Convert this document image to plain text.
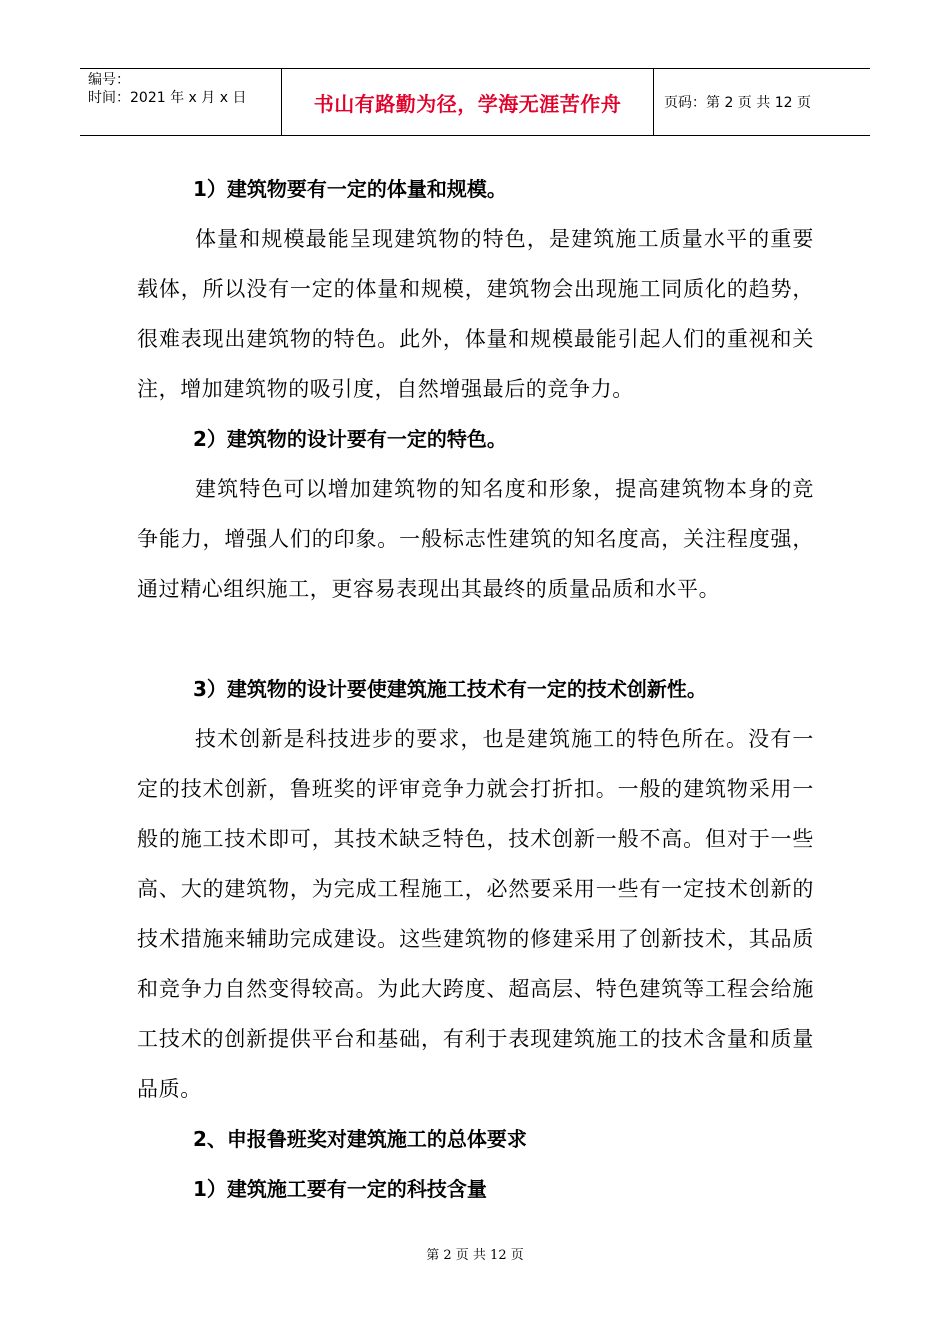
编号：
时间：2021 年 x 月 x 日	书山有路勤为径，学海无涯苦作舟	页码：第 2 页 共 12 页

1）建筑物要有一定的体量和规模。

体量和规模最能呈现建筑物的特色，是建筑施工质量水平的重要载体，所以没有一定的体量和规模，建筑物会出现施工同质化的趋势，很难表现出建筑物的特色。此外，体量和规模最能引起人们的重视和关注，增加建筑物的吸引度，自然增强最后的竞争力。

2）建筑物的设计要有一定的特色。

建筑特色可以增加建筑物的知名度和形象，提高建筑物本身的竞争能力，增强人们的印象。一般标志性建筑的知名度高，关注程度强，通过精心组织施工，更容易表现出其最终的质量品质和水平。

3）建筑物的设计要使建筑施工技术有一定的技术创新性。

技术创新是科技进步的要求，也是建筑施工的特色所在。没有一定的技术创新，鲁班奖的评审竞争力就会打折扣。一般的建筑物采用一般的施工技术即可，其技术缺乏特色，技术创新一般不高。但对于一些高、大的建筑物，为完成工程施工，必然要采用一些有一定技术创新的技术措施来辅助完成建设。这些建筑物的修建采用了创新技术，其品质和竞争力自然变得较高。为此大跨度、超高层、特色建筑等工程会给施工技术的创新提供平台和基础，有利于表现建筑施工的技术含量和质量品质。

2、申报鲁班奖对建筑施工的总体要求

1）建筑施工要有一定的科技含量

第 2 页 共 12 页
